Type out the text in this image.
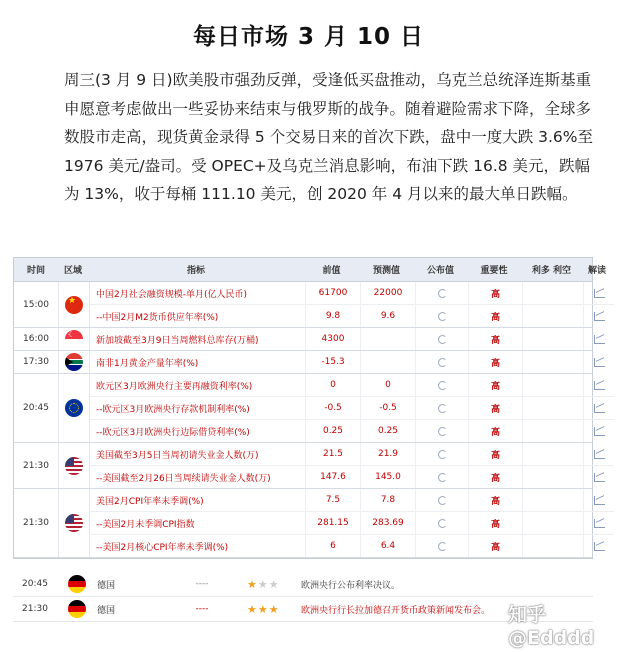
每日市场 3 月 10 日
周三(3 月 9 日)欧美股市强劲反弹，受逢低买盘推动，乌克兰总统泽连斯基重申愿意考虑做出一些妥协来结束与俄罗斯的战争。随着避险需求下降，全球多数股市走高，现货黄金录得 5 个交易日来的首次下跌，盘中一度大跌 3.6%至 1976 美元/盎司。受 OPEC+及乌克兰消息影响，布油下跌 16.8 美元，跌幅为 13%，收于每桶 111.10 美元，创 2020 年 4 月以来的最大单日跌幅。
时间	区域	指标	前值	预测值	公布值	重要性	利多 利空	解读
15:00
★
中国2月社会融资规模-单月(亿人民币)	61700	22000	高
--中国2月M2货币供应年率(%)	9.8	9.6	高
16:00
☾	新加坡截至3月9日当周燃料总库存(万桶)	4300	高
17:30	南非1月黄金产量年率(%)	-15.3	高
20:45
欧元区3月欧洲央行主要再融资利率(%)	0	0	高
--欧元区3月欧洲央行存款机制利率(%)	-0.5	-0.5	高
--欧元区3月欧洲央行边际借贷利率(%)	0.25	0.25	高
21:30
美国截至3月5日当周初请失业金人数(万)	21.5	21.9	高
--美国截至2月26日当周续请失业金人数(万)	147.6	145.0	高
21:30
美国2月CPI年率未季调(%)	7.5	7.8	高
--美国2月未季调CPI指数	281.15	283.69	高
--美国2月核心CPI年率未季调(%)	6	6.4	高
20:45	德国	----	★★★	欧洲央行公布利率决议。
21:30	德国	----	★★★	欧洲央行行长拉加德召开货币政策新闻发布会。 知乎 @Edddd
